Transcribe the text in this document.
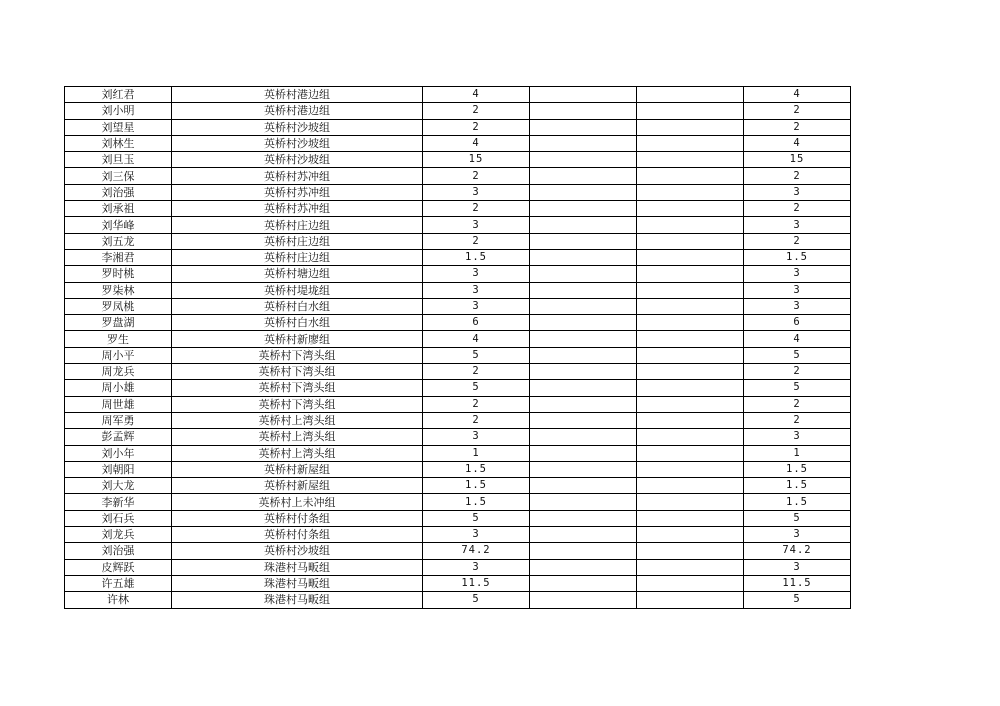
刘红君	英桥村港边组	4			4
刘小明	英桥村港边组	2			2
刘望星	英桥村沙坡组	2			2
刘林生	英桥村沙坡组	4			4
刘旦玉	英桥村沙坡组	15			15
刘三保	英桥村苏冲组	2			2
刘治强	英桥村苏冲组	3			3
刘承祖	英桥村苏冲组	2			2
刘华峰	英桥村庄边组	3			3
刘五龙	英桥村庄边组	2			2
李湘君	英桥村庄边组	1.5			1.5
罗时桃	英桥村塘边组	3			3
罗柒林	英桥村堤垅组	3			3
罗凤桃	英桥村白水组	3			3
罗盘湖	英桥村白水组	6			6
罗生	英桥村新廖组	4			4
周小平	英桥村下湾头组	5			5
周龙兵	英桥村下湾头组	2			2
周小雄	英桥村下湾头组	5			5
周世雄	英桥村下湾头组	2			2
周军勇	英桥村上湾头组	2			2
彭孟辉	英桥村上湾头组	3			3
刘小年	英桥村上湾头组	1			1
刘朝阳	英桥村新屋组	1.5			1.5
刘大龙	英桥村新屋组	1.5			1.5
李新华	英桥村上未冲组	1.5			1.5
刘石兵	英桥村付条组	5			5
刘龙兵	英桥村付条组	3			3
刘治强	英桥村沙坡组	74.2			74.2
皮辉跃	珠港村马畈组	3			3
许五雄	珠港村马畈组	11.5			11.5
许林	珠港村马畈组	5			5
